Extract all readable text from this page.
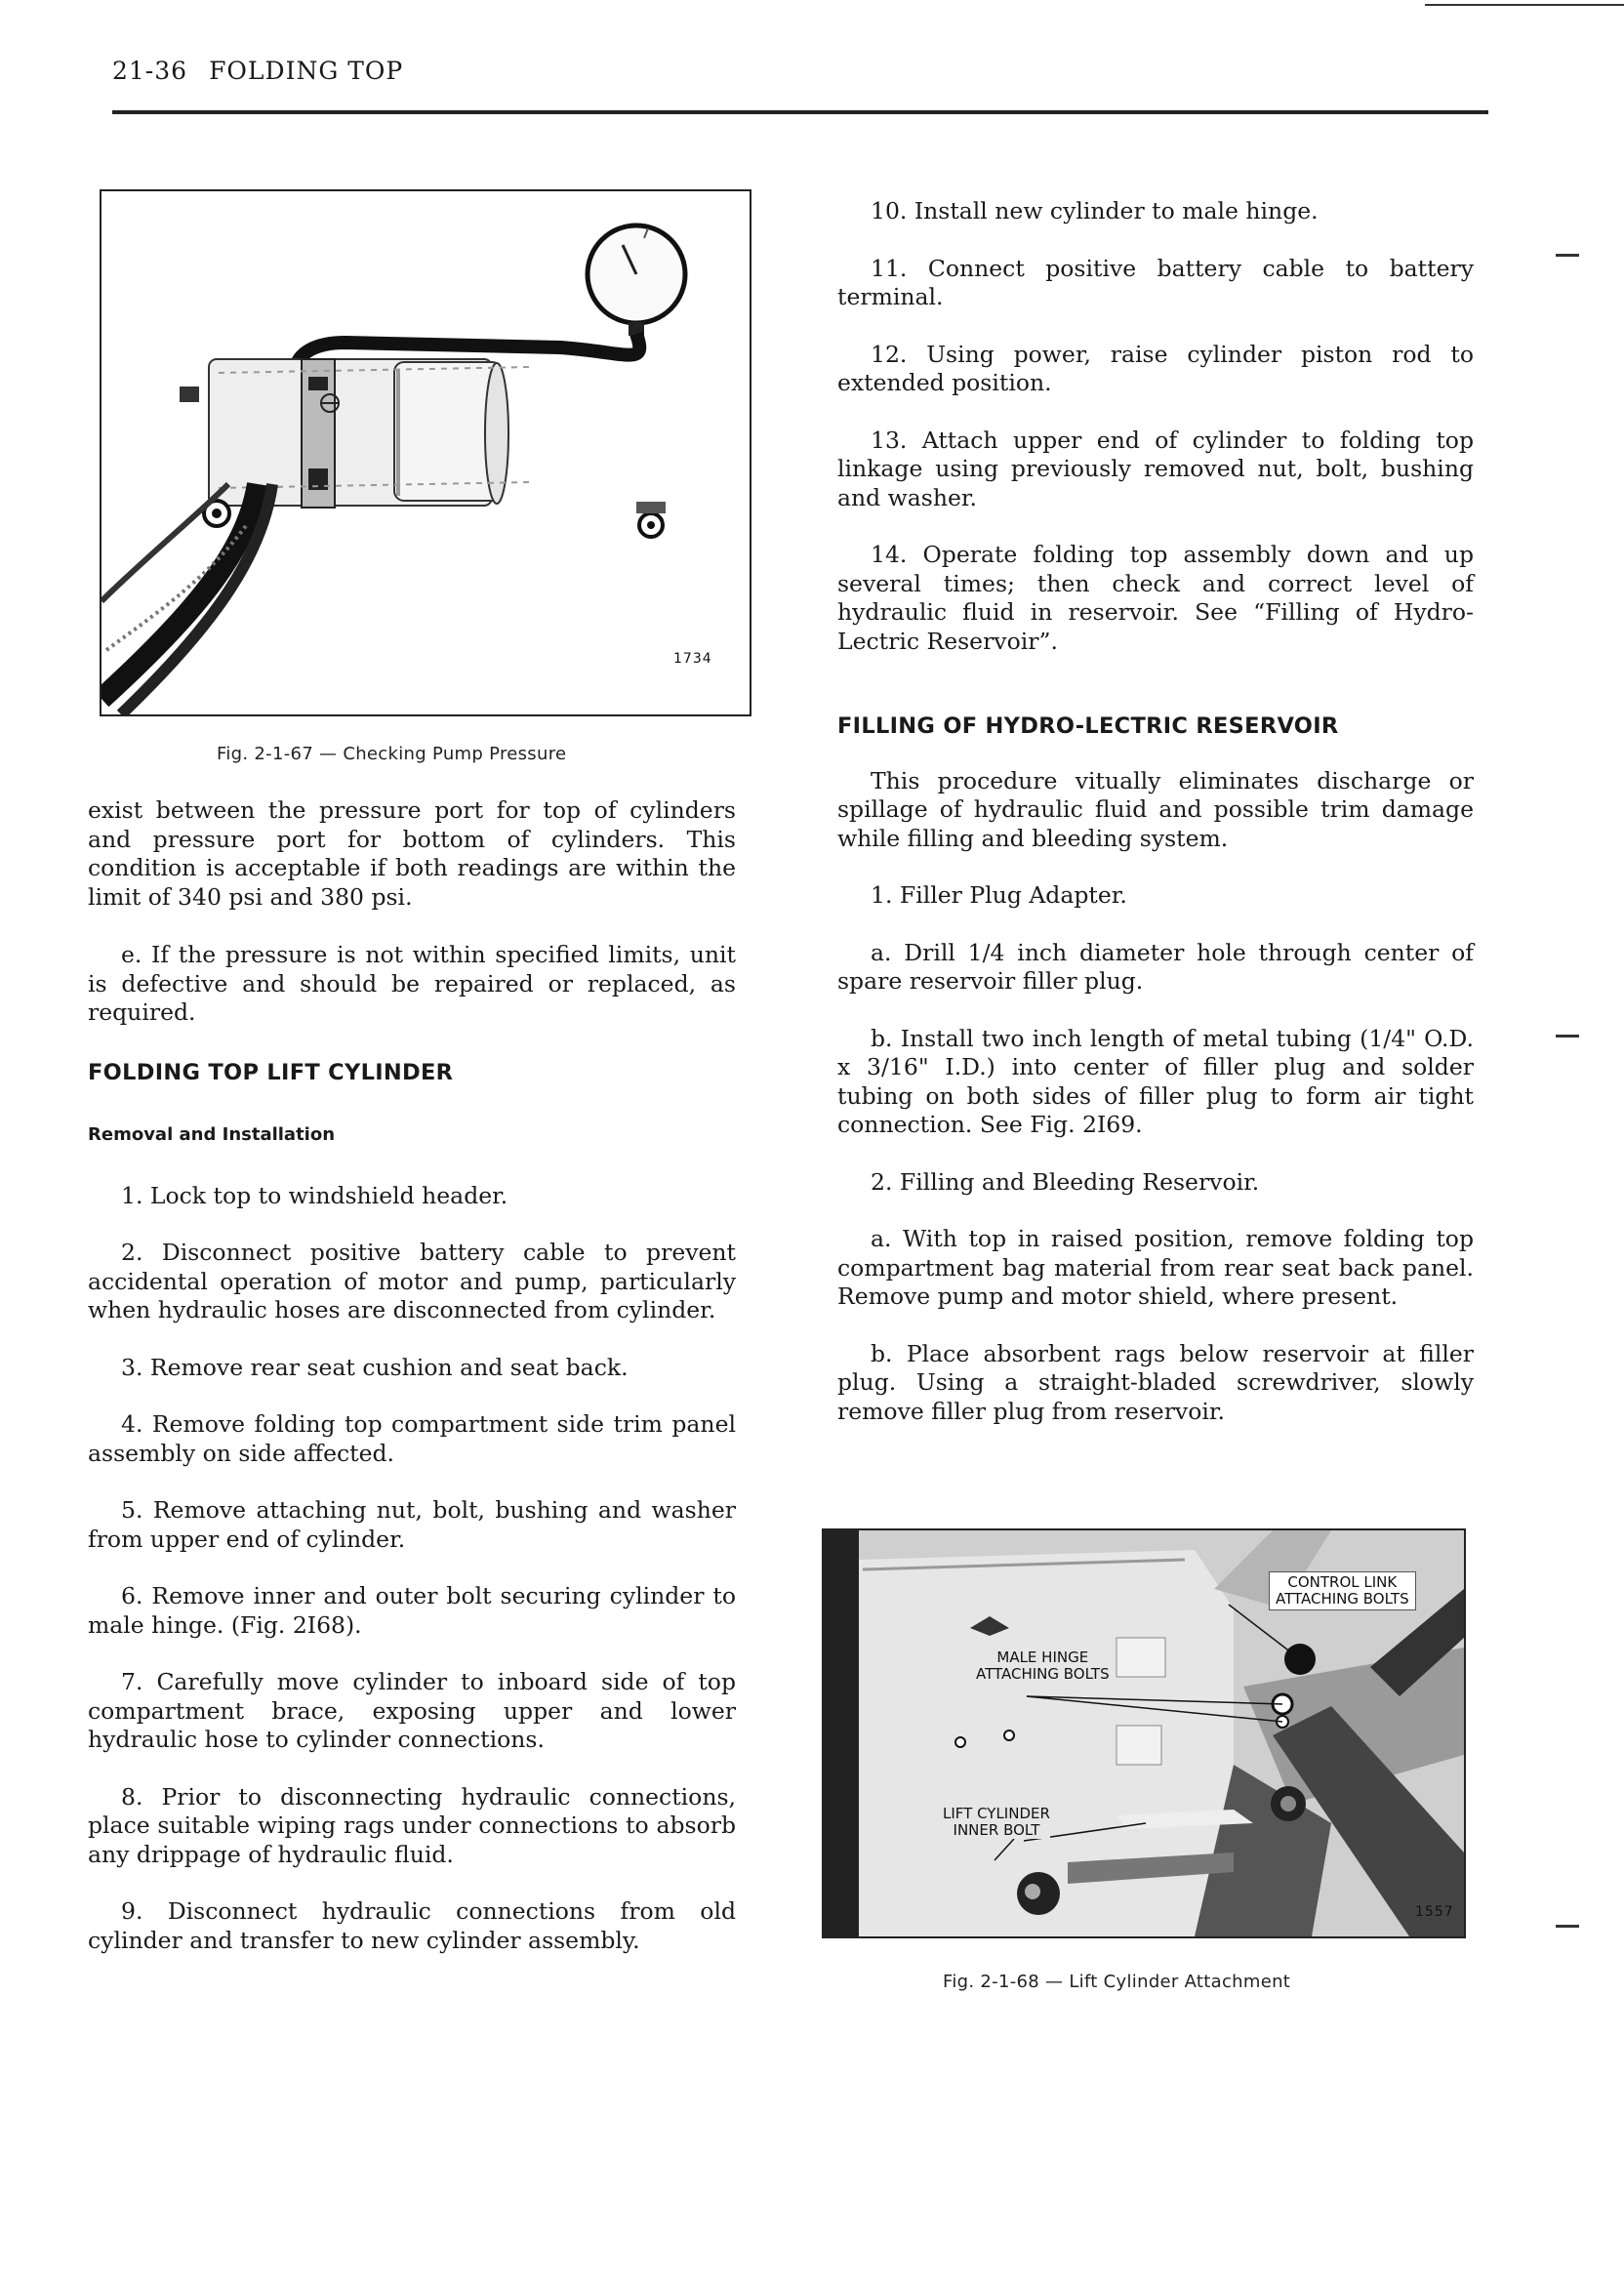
21-36 FOLDING TOP
1734
Fig. 2-1-67 — Checking Pump Pressure

exist between the pressure port for top of cylinders and pressure port for bottom of cylinders. This condition is acceptable if both readings are within the limit of 340 psi and 380 psi.

e. If the pressure is not within specified limits, unit is defective and should be repaired or replaced, as required.

FOLDING TOP LIFT CYLINDER
Removal and Installation

1. Lock top to windshield header.

2. Disconnect positive battery cable to prevent accidental operation of motor and pump, particularly when hydraulic hoses are disconnected from cylinder.

3. Remove rear seat cushion and seat back.

4. Remove folding top compartment side trim panel assembly on side affected.

5. Remove attaching nut, bolt, bushing and washer from upper end of cylinder.

6. Remove inner and outer bolt securing cylinder to male hinge. (Fig. 2I68).

7. Carefully move cylinder to inboard side of top compartment brace, exposing upper and lower hydraulic hose to cylinder connections.

8. Prior to disconnecting hydraulic connections, place suitable wiping rags under connections to absorb any drippage of hydraulic fluid.

9. Disconnect hydraulic connections from old cylinder and transfer to new cylinder assembly.

10. Install new cylinder to male hinge.

11. Connect positive battery cable to battery terminal.

12. Using power, raise cylinder piston rod to extended position.

13. Attach upper end of cylinder to folding top linkage using previously removed nut, bolt, bushing and washer.

14. Operate folding top assembly down and up several times; then check and correct level of hydraulic fluid in reservoir. See “Filling of Hydro-Lectric Reservoir”.

FILLING OF HYDRO-LECTRIC RESERVOIR

This procedure vitually eliminates discharge or spillage of hydraulic fluid and possible trim damage while filling and bleeding system.

1. Filler Plug Adapter.

a. Drill 1/4 inch diameter hole through center of spare reservoir filler plug.

b. Install two inch length of metal tubing (1/4" O.D. x 3/16" I.D.) into center of filler plug and solder tubing on both sides of filler plug to form air tight connection. See Fig. 2I69.

2. Filling and Bleeding Reservoir.

a. With top in raised position, remove folding top compartment bag material from rear seat back panel. Remove pump and motor shield, where present.

b. Place absorbent rags below reservoir at filler plug. Using a straight-bladed screwdriver, slowly remove filler plug from reservoir.

CONTROL LINK
ATTACHING BOLTS
MALE HINGE
ATTACHING BOLTS
LIFT CYLINDER
INNER BOLT
1557
Fig. 2-1-68 — Lift Cylinder Attachment
